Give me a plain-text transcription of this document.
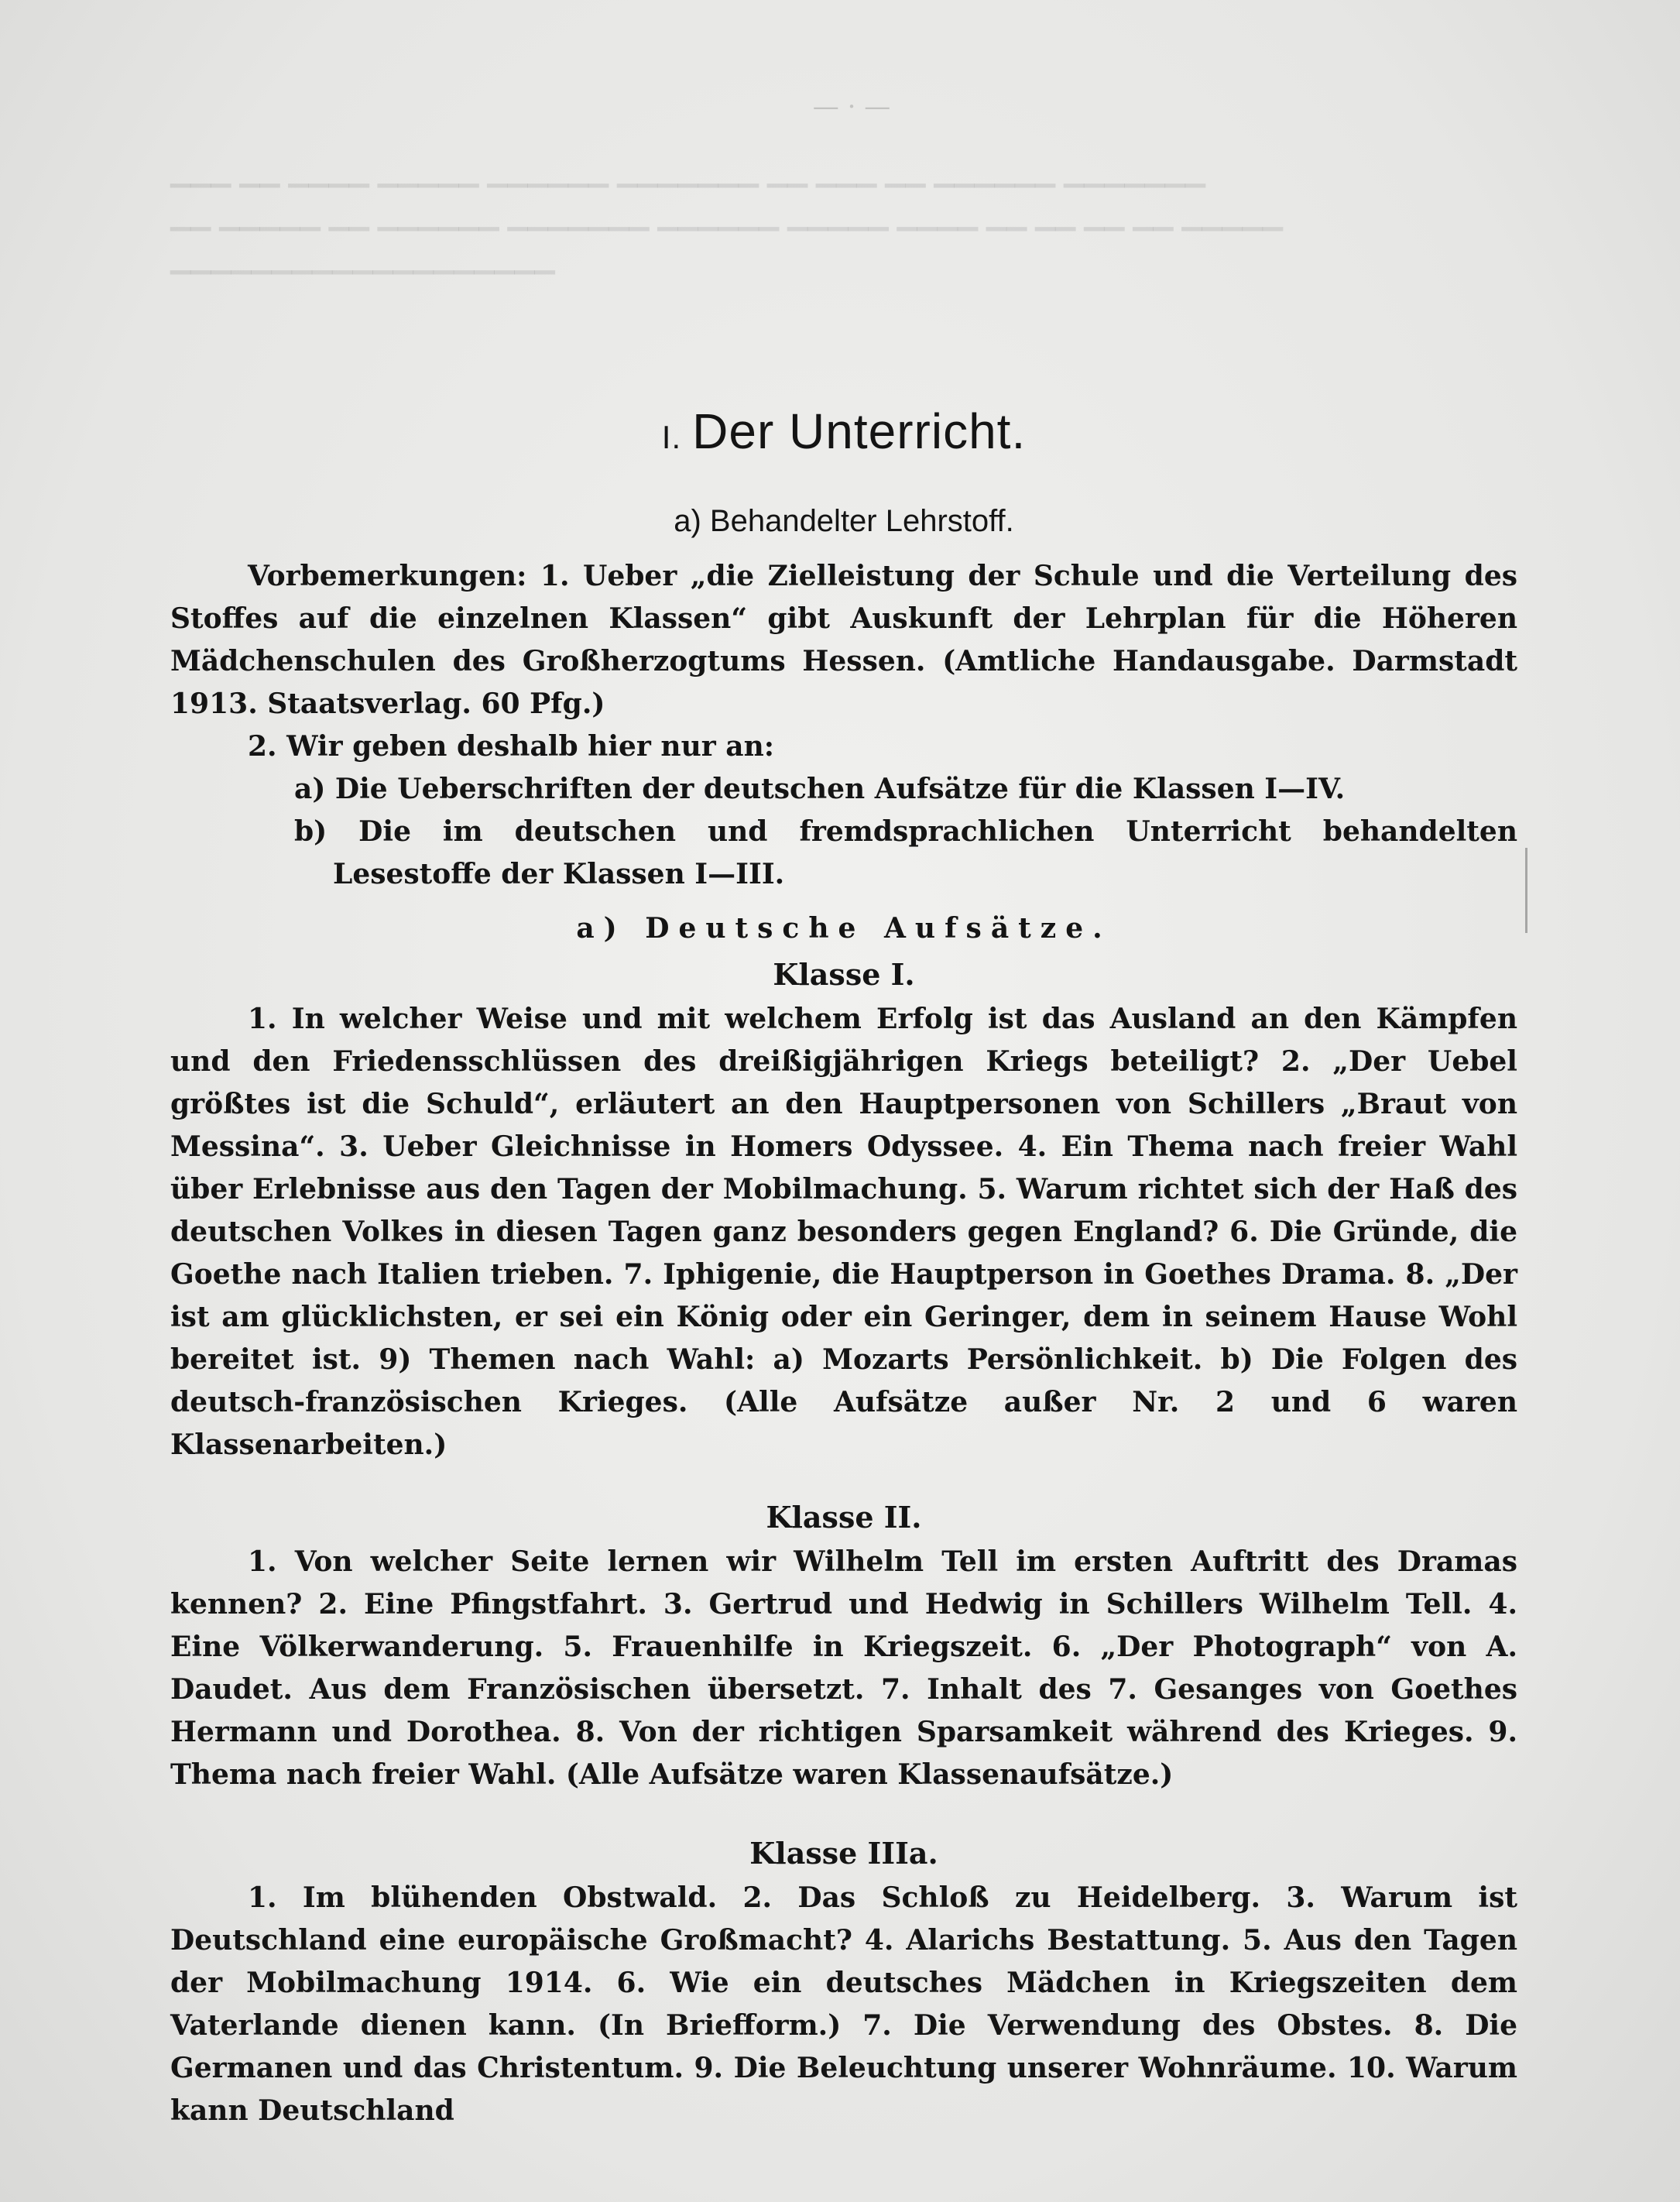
— · —

▔▔▔ ▔▔ ▔▔▔▔ ▔▔▔▔▔ ▔▔▔▔▔▔ ▔▔▔▔▔▔▔ ▔▔ ▔▔▔ ▔▔ ▔▔▔▔▔▔ ▔▔▔▔▔▔▔

▔▔ ▔▔▔▔▔ ▔▔ ▔▔▔▔▔▔ ▔▔▔▔▔▔▔ ▔▔▔▔▔▔ ▔▔▔▔▔ ▔▔▔▔ ▔▔ ▔▔ ▔▔ ▔▔ ▔▔▔▔▔

▔▔▔▔▔▔▔▔▔▔▔▔▔▔▔▔▔▔▔

I. Der Unterricht.
a) Behandelter Lehrstoff.

Vorbemerkungen: 1. Ueber „die Zielleistung der Schule und die Verteilung des Stoffes auf die einzelnen Klassen“ gibt Auskunft der Lehrplan für die Höheren Mädchenschulen des Großherzogtums Hessen. (Amtliche Handausgabe. Darmstadt 1913. Staatsverlag. 60 Pfg.)

2. Wir geben deshalb hier nur an:

a) Die Ueberschriften der deutschen Aufsätze für die Klassen I—IV.

b) Die im deutschen und fremdsprachlichen Unterricht behandelten Lesestoffe der Klassen I—III.

a) Deutsche Aufsätze.
Klasse I.

1. In welcher Weise und mit welchem Erfolg ist das Ausland an den Kämpfen und den Friedensschlüssen des dreißigjährigen Kriegs beteiligt? 2. „Der Uebel größtes ist die Schuld“, erläutert an den Hauptpersonen von Schillers „Braut von Messina“. 3. Ueber Gleichnisse in Homers Odyssee. 4. Ein Thema nach freier Wahl über Erlebnisse aus den Tagen der Mobilmachung. 5. Warum richtet sich der Haß des deutschen Volkes in diesen Tagen ganz besonders gegen England? 6. Die Gründe, die Goethe nach Italien trieben. 7. Iphigenie, die Hauptperson in Goethes Drama. 8. „Der ist am glücklichsten, er sei ein König oder ein Geringer, dem in seinem Hause Wohl bereitet ist. 9) Themen nach Wahl: a) Mozarts Persönlichkeit. b) Die Folgen des deutsch-französischen Krieges. (Alle Aufsätze außer Nr. 2 und 6 waren Klassenarbeiten.)

Klasse II.

1. Von welcher Seite lernen wir Wilhelm Tell im ersten Auftritt des Dramas kennen? 2. Eine Pfingstfahrt. 3. Gertrud und Hedwig in Schillers Wilhelm Tell. 4. Eine Völkerwanderung. 5. Frauenhilfe in Kriegszeit. 6. „Der Photograph“ von A. Daudet. Aus dem Französischen übersetzt. 7. Inhalt des 7. Gesanges von Goethes Hermann und Dorothea. 8. Von der richtigen Sparsamkeit während des Krieges. 9. Thema nach freier Wahl. (Alle Aufsätze waren Klassenaufsätze.)

Klasse IIIa.

1. Im blühenden Obstwald. 2. Das Schloß zu Heidelberg. 3. Warum ist Deutschland eine europäische Großmacht? 4. Alarichs Bestattung. 5. Aus den Tagen der Mobilmachung 1914. 6. Wie ein deutsches Mädchen in Kriegszeiten dem Vaterlande dienen kann. (In Briefform.) 7. Die Verwendung des Obstes. 8. Die Germanen und das Christentum. 9. Die Beleuchtung unserer Wohnräume. 10. Warum kann Deutschland
